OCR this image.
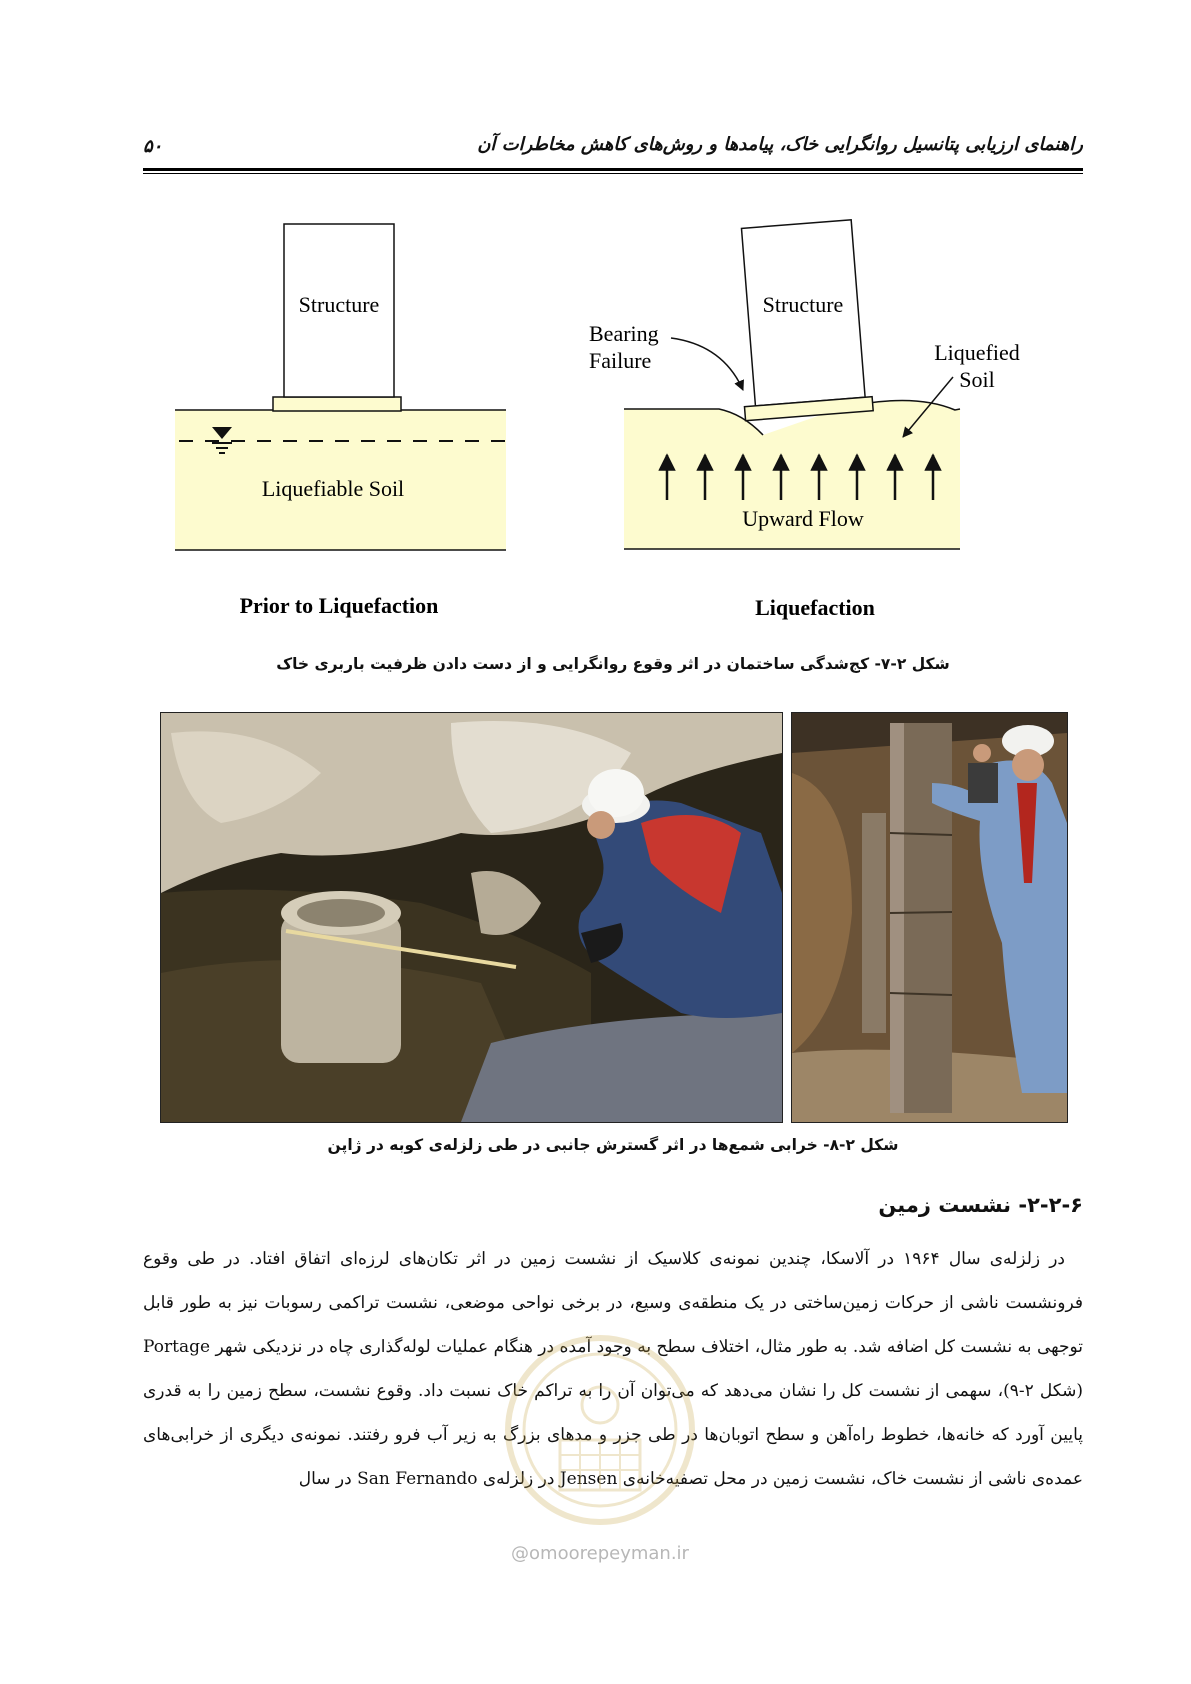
۵۰	راهنمای ارزیابی پتانسیل روانگرایی خاک، پیامدها و روش‌های کاهش مخاطرات آن
Structure
Liquefiable Soil
Prior to Liquefaction
Structure
Bearing
Failure	Liquefied
Soil
Upward Flow
Liquefaction
شکل ۲-۷- کج‌شدگی ساختمان در اثر وقوع روانگرایی و از دست دادن ظرفیت باربری خاک
شکل ۲-۸- خرابی شمع‌ها در اثر گسترش جانبی در طی زلزله‌ی کوبه در ژاپن
۲-۲-۶- نشست زمین

در زلزله‌ی سال ۱۹۶۴ در آلاسکا، چندین نمونه‌ی کلاسیک از نشست زمین در اثر تکان‌های لرزه‌ای اتفاق افتاد. در طی وقوع فرونشست ناشی از حرکات زمین‌ساختی در یک منطقه‌ی وسیع، در برخی نواحی موضعی، نشست تراکمی رسوبات نیز به طور قابل توجهی به نشست کل اضافه شد. به طور مثال، اختلاف سطح به وجود آمده در هنگام عملیات لوله‌گذاری چاه در نزدیکی شهر Portage (شکل ۲-۹)، سهمی از نشست کل را نشان می‌دهد که می‌توان آن را به تراکم خاک نسبت داد. وقوع نشست، سطح زمین را به قدری پایین آورد که خانه‌ها، خطوط راه‌آهن و سطح اتوبان‌ها در طی جزر و مدهای بزرگ به زیر آب فرو رفتند. نمونه‌ی دیگری از خرابی‌های عمده‌ی ناشی از نشست خاک، نشست زمین در محل تصفیه‌خانه‌ی Jensen در زلزله‌ی San Fernando در سال

@omoorepeyman.ir
